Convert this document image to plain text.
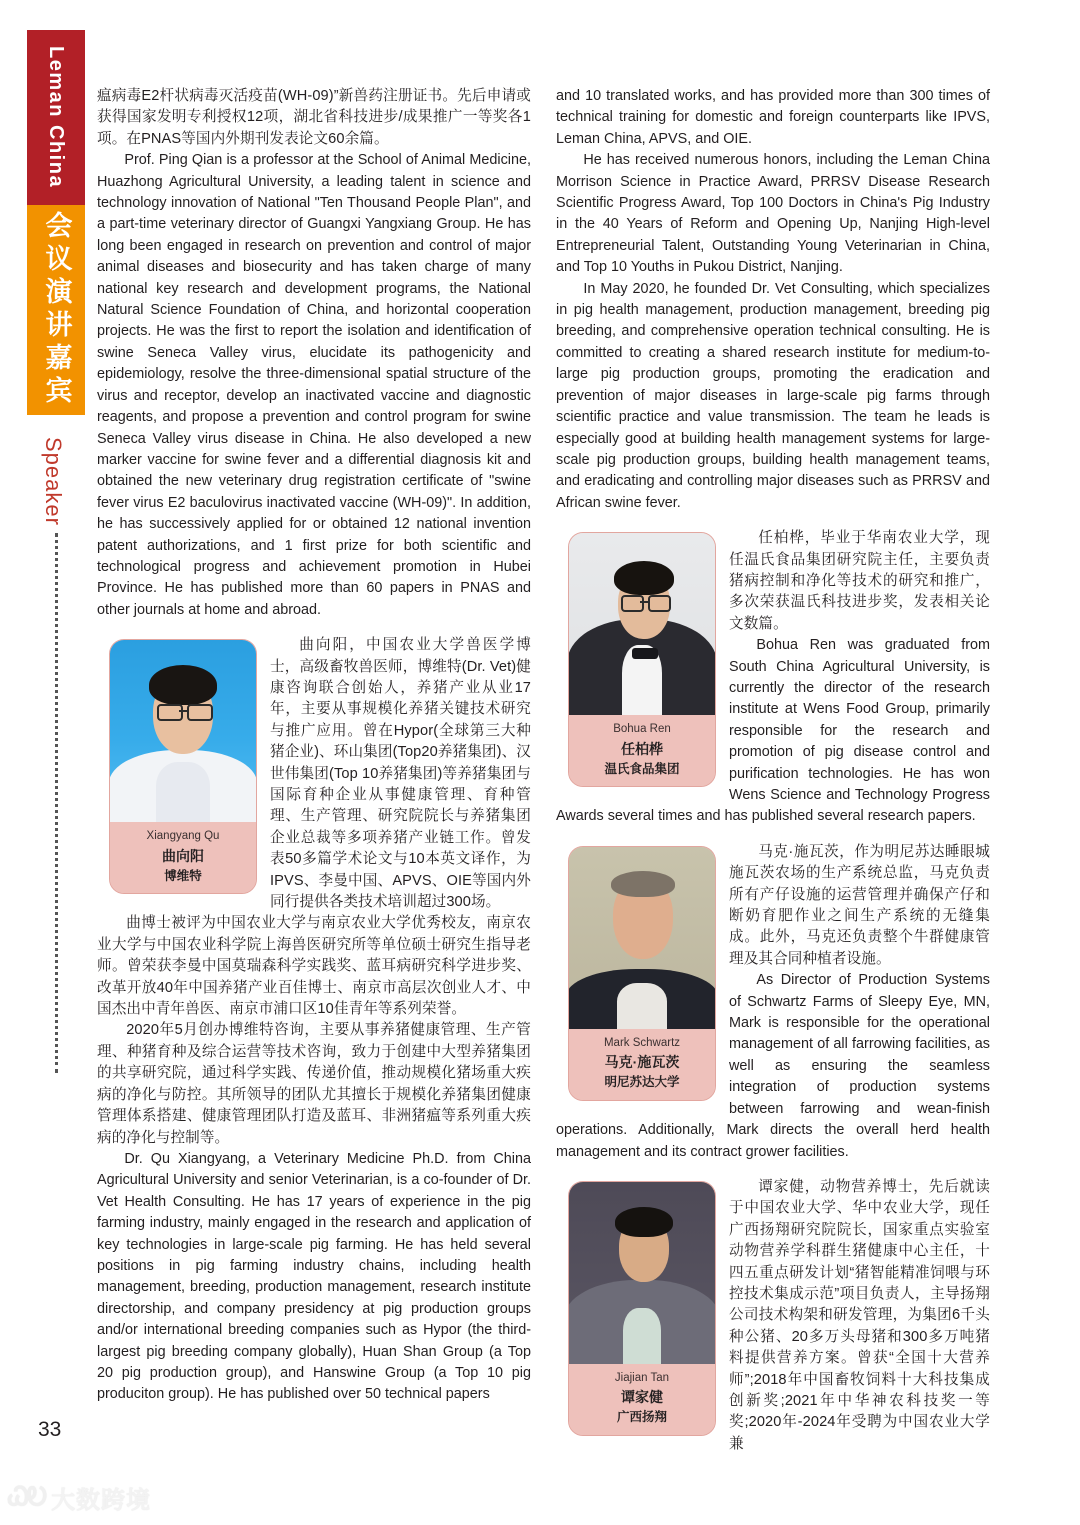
Leman China
会议演讲嘉宾
Speaker
33
ᏇᎧ 大数跨境

瘟病毒E2杆状病毒灭活疫苗(WH-09)”新兽药注册证书。先后申请或获得国家发明专利授权12项，湖北省科技进步/成果推广一等奖各1项。在PNAS等国内外期刊发表论文60余篇。

Prof. Ping Qian is a professor at the School of Animal Medicine, Huazhong Agricultural University, a leading talent in science and technology innovation of National "Ten Thousand People Plan", and a part-time veterinary director of Guangxi Yangxiang Group. He has long been engaged in research on prevention and control of major animal diseases and biosecurity and has taken charge of many national key research and development programs, the National Natural Science Foundation of China, and horizontal cooperation projects. He was the first to report the isolation and identification of swine Seneca Valley virus, elucidate its pathogenicity and epidemiology, resolve the three-dimensional spatial structure of the virus and receptor, develop an inactivated vaccine and diagnostic reagents, and propose a prevention and control program for swine Seneca Valley virus disease in China. He also developed a new marker vaccine for swine fever and a differential diagnosis kit and obtained the new veterinary drug registration certificate of "swine fever virus E2 baculovirus inactivated vaccine (WH-09)". In addition, he has successively applied for or obtained 12 national invention patent authorizations, and 1 first prize for both scientific and technological progress and achievement promotion in Hubei Province. He has published more than 60 papers in PNAS and other journals at home and abroad.

Xiangyang Qu
曲向阳
博维特

曲向阳，中国农业大学兽医学博士，高级畜牧兽医师，博维特(Dr. Vet)健康咨询联合创始人，养猪产业从业17年，主要从事规模化养猪关键技术研究与推广应用。曾在Hypor(全球第三大种猪企业)、环山集团(Top20养猪集团)、汉世伟集团(Top 10养猪集团)等养猪集团与国际育种企业从事健康管理、育种管理、生产管理、研究院院长与养猪集团企业总裁等多项养猪产业链工作。曾发表50多篇学术论文与10本英文译作，为IPVS、李曼中国、APVS、OIE等国内外同行提供各类技术培训超过300场。

曲博士被评为中国农业大学与南京农业大学优秀校友，南京农业大学与中国农业科学院上海兽医研究所等单位硕士研究生指导老师。曾荣获李曼中国莫瑞森科学实践奖、蓝耳病研究科学进步奖、改革开放40年中国养猪产业百佳博士、南京市高层次创业人才、中国杰出中青年兽医、南京市浦口区10佳青年等系列荣誉。

2020年5月创办博维特咨询，主要从事养猪健康管理、生产管理、种猪育种及综合运营等技术咨询，致力于创建中大型养猪集团的共享研究院，通过科学实践、传递价值，推动规模化猪场重大疾病的净化与防控。其所领导的团队尤其擅长于规模化养猪集团健康管理体系搭建、健康管理团队打造及蓝耳、非洲猪瘟等系列重大疾病的净化与控制等。

Dr. Qu Xiangyang, a Veterinary Medicine Ph.D. from China Agricultural University and senior Veterinarian, is a co-founder of Dr. Vet Health Consulting. He has 17 years of experience in the pig farming industry, mainly engaged in the research and application of key technologies in large-scale pig farming. He has held several positions in pig farming industry chains, including health management, breeding, production management, research institute directorship, and company presidency at pig production groups and/or international breeding companies such as Hypor (the third-largest pig breeding company globally), Huan Shan Group (a Top 20 pig production group), and Hanswine Group (a Top 10 pig produciton group). He has published over 50 technical papers

and 10 translated works, and has provided more than 300 times of technical training for domestic and foreign counterparts like IPVS, Leman China, APVS, and OIE.

He has received numerous honors, including the Leman China Morrison Science in Practice Award, PRRSV Disease Research Scientific Progress Award, Top 100 Doctors in China's Pig Industry in the 40 Years of Reform and Opening Up, Nanjing High-level Entrepreneurial Talent, Outstanding Young Veterinarian in China, and Top 10 Youths in Pukou District, Nanjing.

In May 2020, he founded Dr. Vet Consulting, which specializes in pig health management, production management, breeding pig breeding, and comprehensive operation technical consulting. He is committed to creating a shared research institute for medium-to-large pig production groups, promoting the eradication and prevention of major diseases in large-scale pig farms through scientific practice and value transmission. The team he leads is especially good at building health management systems for large-scale pig production groups, building health management teams, and eradicating and controlling major diseases such as PRRSV and African swine fever.

Bohua Ren
任柏桦
温氏食品集团

任柏桦，毕业于华南农业大学，现任温氏食品集团研究院主任，主要负责猪病控制和净化等技术的研究和推广，多次荣获温氏科技进步奖，发表相关论文数篇。

Bohua Ren was graduated from South China Agricultural University, is currently the director of the research institute at Wens Food Group, primarily responsible for the research and promotion of pig disease control and purification technologies. He has won Wens Science and Technology Progress Awards several times and has published several research papers.

Mark Schwartz
马克·施瓦茨
明尼苏达大学

马克·施瓦茨，作为明尼苏达睡眼城施瓦茨农场的生产系统总监，马克负责所有产仔设施的运营管理并确保产仔和断奶育肥作业之间生产系统的无缝集成。此外，马克还负责整个牛群健康管理及其合同种植者设施。

As Director of Production Systems of Schwartz Farms of Sleepy Eye, MN, Mark is responsible for the operational management of all farrowing facilities, as well as ensuring the seamless integration of production systems between farrowing and wean-finish operations. Additionally, Mark directs the overall herd health management and its contract grower facilities.

Jiajian Tan
谭家健
广西扬翔

谭家健，动物营养博士，先后就读于中国农业大学、华中农业大学，现任广西扬翔研究院院长，国家重点实验室动物营养学科群生猪健康中心主任，十四五重点研发计划“猪智能精准饲喂与环控技术集成示范”项目负责人，主导扬翔公司技术构架和研发管理，为集团6千头种公猪、20多万头母猪和300多万吨猪料提供营养方案。曾获“全国十大营养师”;2018年中国畜牧饲料十大科技集成创新奖;2021年中华神农科技奖一等奖;2020年-2024年受聘为中国农业大学兼
